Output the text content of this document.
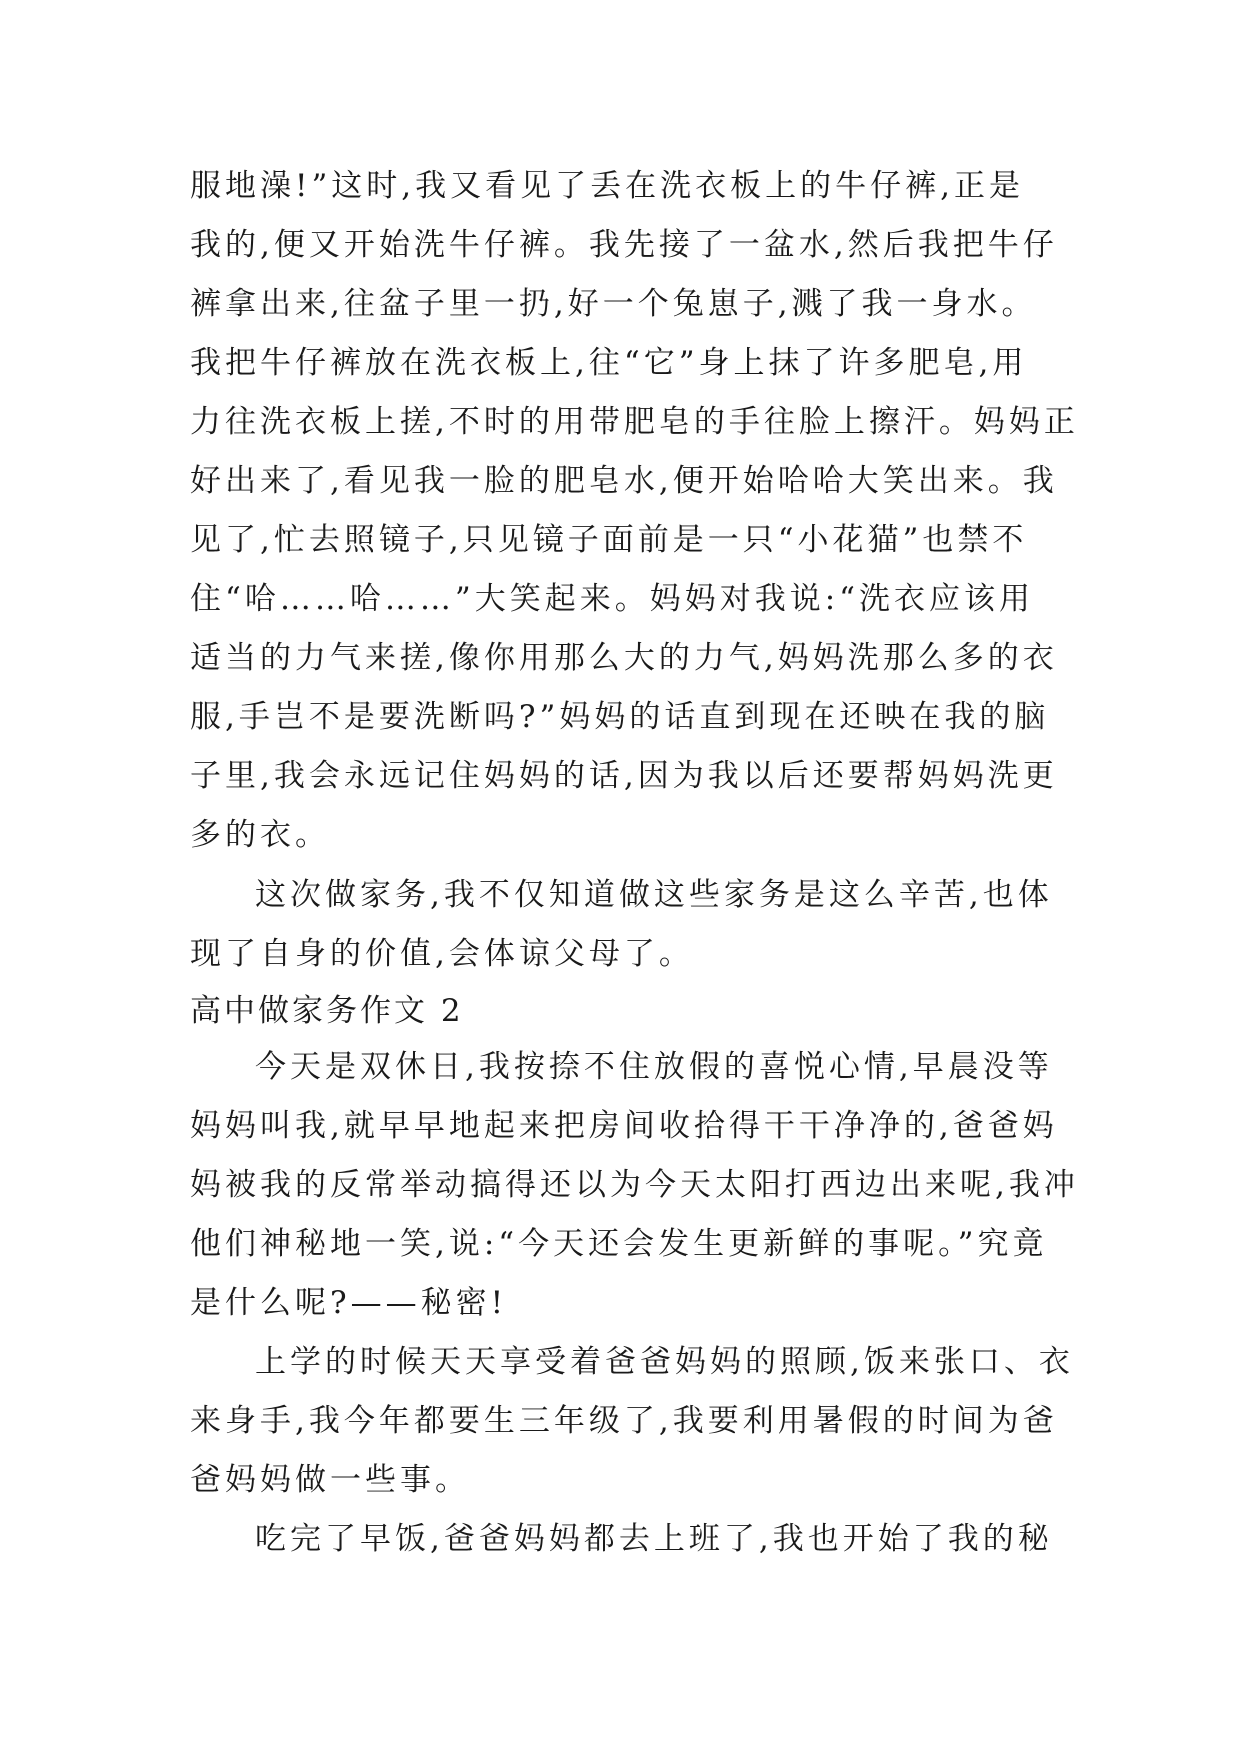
服地澡!”这时,我又看见了丢在洗衣板上的牛仔裤,正是
我的,便又开始洗牛仔裤。我先接了一盆水,然后我把牛仔
裤拿出来,往盆子里一扔,好一个兔崽子,溅了我一身水。
我把牛仔裤放在洗衣板上,往“它”身上抹了许多肥皂,用
力往洗衣板上搓,不时的用带肥皂的手往脸上擦汗。妈妈正
好出来了,看见我一脸的肥皂水,便开始哈哈大笑出来。我
见了,忙去照镜子,只见镜子面前是一只“小花猫”也禁不
住“哈……哈……”大笑起来。妈妈对我说:“洗衣应该用
适当的力气来搓,像你用那么大的力气,妈妈洗那么多的衣
服,手岂不是要洗断吗?”妈妈的话直到现在还映在我的脑
子里,我会永远记住妈妈的话,因为我以后还要帮妈妈洗更
多的衣。
这次做家务,我不仅知道做这些家务是这么辛苦,也体
现了自身的价值,会体谅父母了。
高中做家务作文 2
今天是双休日,我按捺不住放假的喜悦心情,早晨没等
妈妈叫我,就早早地起来把房间收拾得干干净净的,爸爸妈
妈被我的反常举动搞得还以为今天太阳打西边出来呢,我冲
他们神秘地一笑,说:“今天还会发生更新鲜的事呢。”究竟
是什么呢?——秘密!
上学的时候天天享受着爸爸妈妈的照顾,饭来张口、衣
来身手,我今年都要生三年级了,我要利用暑假的时间为爸
爸妈妈做一些事。
吃完了早饭,爸爸妈妈都去上班了,我也开始了我的秘
